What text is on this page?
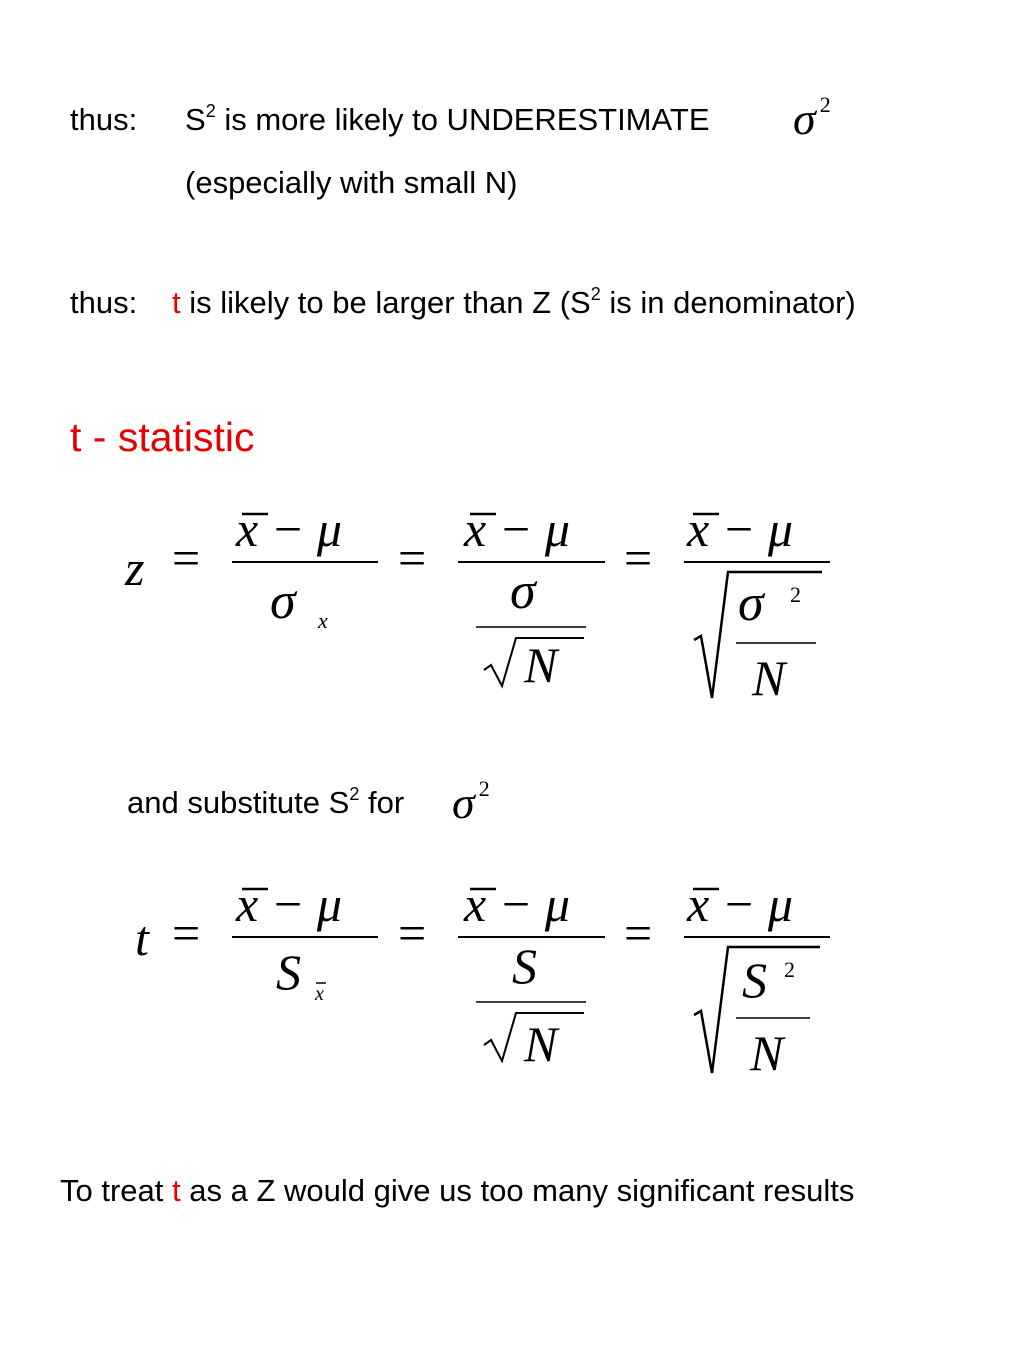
thus: $S^2$ is more likely to UNDERESTIMATE σ 2
(especially with small N)
thus: t is likely to be larger than Z ($S^2$ is in denominator)
t - statistic
z =
x − μ
σ x
=
x − μ
σ
N
=
x − μ
σ 2
N
and substitute $S^2$ for σ 2
t =
x − μ
S x
=
x − μ
S
N
=
x − μ
S 2
N
To treat t as a Z would give us too many significant results
